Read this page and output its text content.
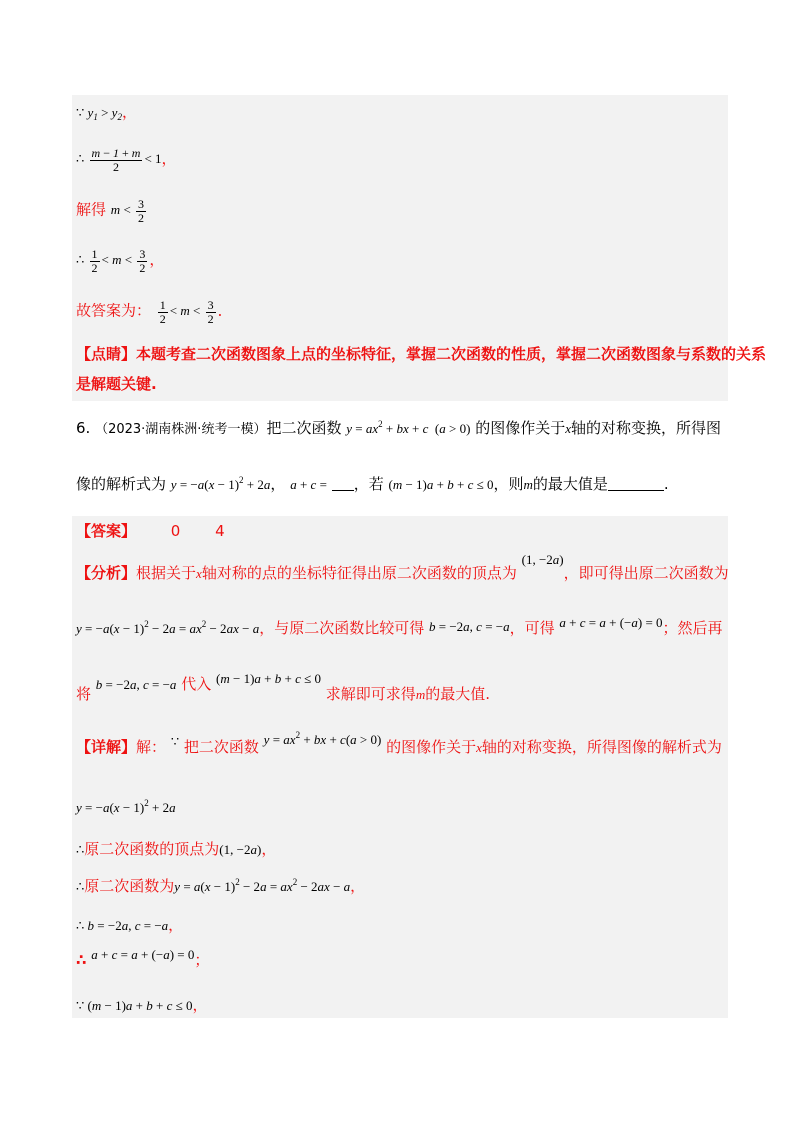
∵ $y_1 > y_2$，
∴ $\frac{m - 1 + m}{2} < 1$，
解得 $m < \frac{3}{2}$
∴ $\frac{1}{2} < m < \frac{3}{2}$ ，
故答案为： $\frac{1}{2} < m < \frac{3}{2}$ ．
【点睛】本题考查二次函数图象上点的坐标特征，掌握二次函数的性质，掌握二次函数图象与系数的关系
是解题关键.
6. （2023·湖南株洲·统考一模）把二次函数 $y = ax^2$ + bx + c  (a > 0) 的图像作关于x轴的对称变换，所得图
像的解析式为 $y = -a(x - 1)^2 + 2a$， a + c = ，若 (m − 1)a + b + c ≤ 0，则m的最大值是	.
【答案】 0 4
【分析】根据关于x轴对称的点的坐标特征得出原二次函数的顶点为 (1, −2a)，即可得出原二次函数为
$y = -a(x - 1)^2 - 2a = ax^2 - 2ax - a$，与原二次函数比较可得 b = −2a, c = −a，可得 a + c = a + (−a) = 0；然后再
将 b = −2a, c = −a 代入 (m − 1)a + b + c ≤ 0 求解即可求得m的最大值.
【详解】解： ∵ 把二次函数 $y = ax^2$ + bx + c(a > 0) 的图像作关于x轴的对称变换，所得图像的解析式为
$y = -a(x - 1)^2 + 2a$
∴原二次函数的顶点为(1, −2a)，
∴原二次函数为$y = a(x - 1)^2 - 2a = ax^2 - 2ax - a$，
∴ b = −2a, c = −a，
∴ a + c = a + (−a) = 0；
∵ (m − 1)a + b + c ≤ 0，
